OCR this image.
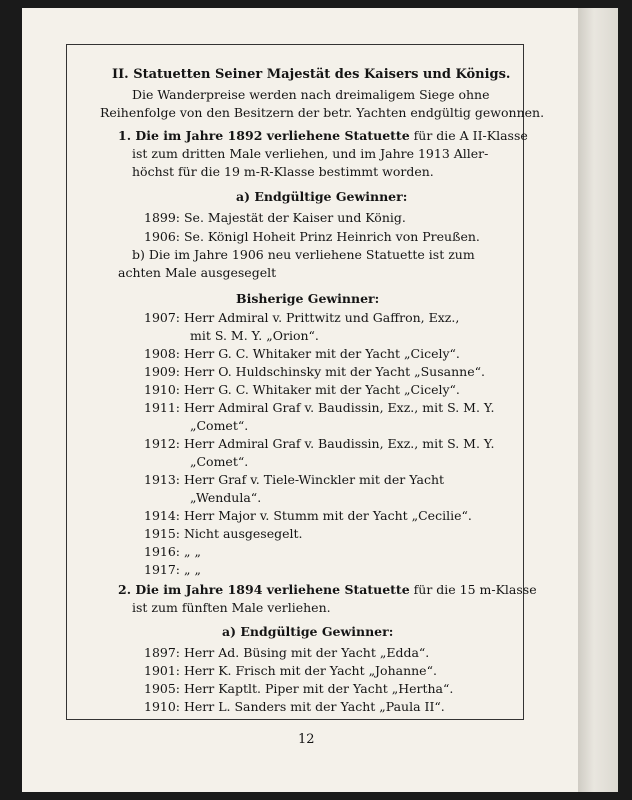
II. Statuetten Seiner Majestät des Kaisers und Königs.
Die Wanderpreise werden nach dreimaligem Siege ohne
Reihenfolge von den Besitzern der betr. Yachten endgültig gewonnen.
1. Die im Jahre 1892 verliehene Statuette für die A II-Klasse
ist zum dritten Male verliehen, und im Jahre 1913 Aller-
höchst für die 19 m-R-Klasse bestimmt worden.
a) Endgültige Gewinner:
1899: Se. Majestät der Kaiser und König.
1906: Se. Königl Hoheit Prinz Heinrich von Preußen.
b) Die im Jahre 1906 neu verliehene Statuette ist zum
achten Male ausgesegelt
Bisherige Gewinner:
1907: Herr Admiral v. Prittwitz und Gaffron, Exz.,
mit S. M. Y. „Orion“.
1908: Herr G. C. Whitaker mit der Yacht „Cicely“.
1909: Herr O. Huldschinsky mit der Yacht „Susanne“.
1910: Herr G. C. Whitaker mit der Yacht „Cicely“.
1911: Herr Admiral Graf v. Baudissin, Exz., mit S. M. Y.
„Comet“.
1912: Herr Admiral Graf v. Baudissin, Exz., mit S. M. Y.
„Comet“.
1913: Herr Graf v. Tiele-Winckler mit der Yacht
„Wendula“.
1914: Herr Major v. Stumm mit der Yacht „Cecilie“.
1915: Nicht ausgesegelt.
1916: „ „
1917: „ „
2. Die im Jahre 1894 verliehene Statuette für die 15 m-Klasse
ist zum fünften Male verliehen.
a) Endgültige Gewinner:
1897: Herr Ad. Büsing mit der Yacht „Edda“.
1901: Herr K. Frisch mit der Yacht „Johanne“.
1905: Herr Kaptlt. Piper mit der Yacht „Hertha“.
1910: Herr L. Sanders mit der Yacht „Paula II“.
12
